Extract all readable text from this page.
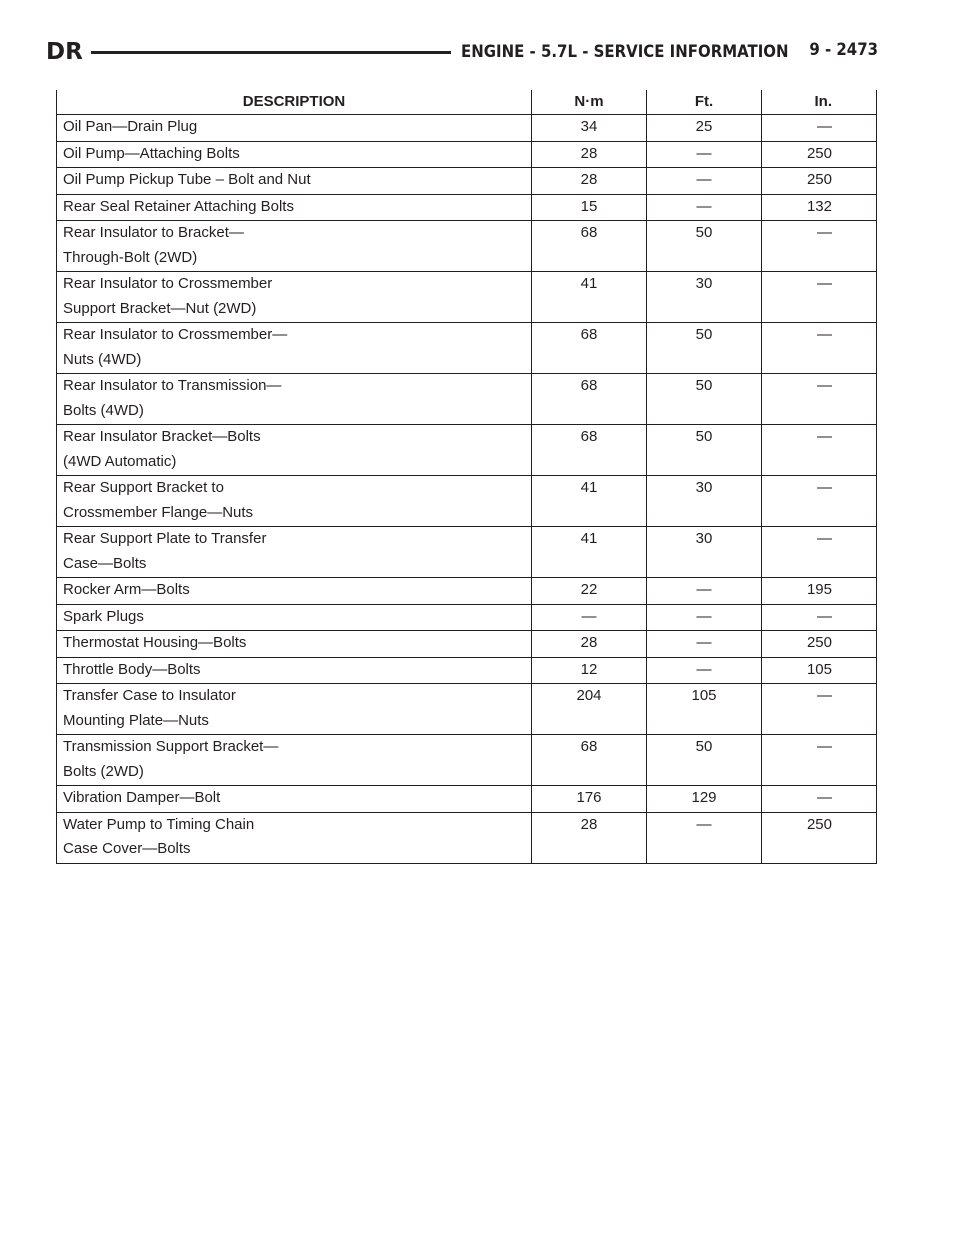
DR	ENGINE - 5.7L - SERVICE INFORMATION 9 - 2473
DESCRIPTION	N·m	Ft.	In.

Oil Pan—Drain Plug	34	25	—

Oil Pump—Attaching Bolts	28	—	250

Oil Pump Pickup Tube – Bolt and Nut	28	—	250

Rear Seal Retainer Attaching Bolts	15	—	132

Rear Insulator to Bracket—
Through-Bolt (2WD)	68	50	—

Rear Insulator to Crossmember
Support Bracket—Nut (2WD)	41	30	—

Rear Insulator to Crossmember—
Nuts (4WD)	68	50	—

Rear Insulator to Transmission—
Bolts (4WD)	68	50	—

Rear Insulator Bracket—Bolts
(4WD Automatic)	68	50	—

Rear Support Bracket to
Crossmember Flange—Nuts	41	30	—

Rear Support Plate to Transfer
Case—Bolts	41	30	—

Rocker Arm—Bolts	22	—	195

Spark Plugs	—	—	—

Thermostat Housing—Bolts	28	—	250

Throttle Body—Bolts	12	—	105

Transfer Case to Insulator
Mounting Plate—Nuts	204	105	—

Transmission Support Bracket—
Bolts (2WD)	68	50	—

Vibration Damper—Bolt	176	129	—

Water Pump to Timing Chain
Case Cover—Bolts	28	—	250
